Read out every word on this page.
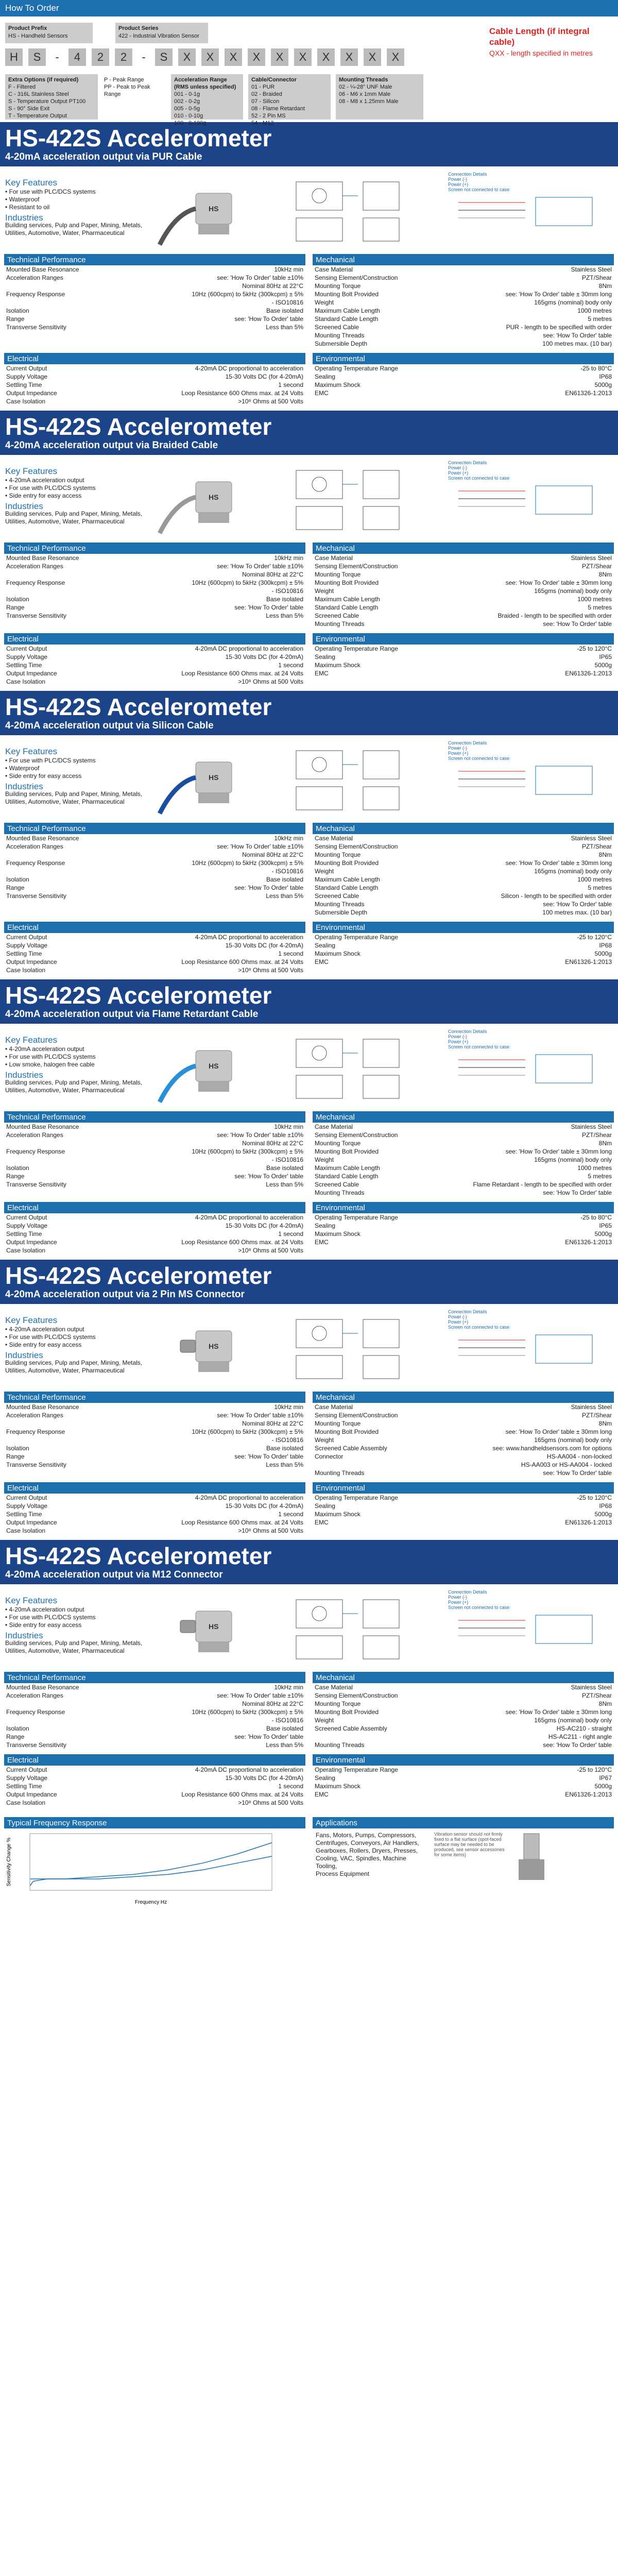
How To Order
Product Prefix
HS - Handheld Sensors
Product Series
422 - Industrial Vibration Sensor	Cable Length (if integral cable)
QXX - length specified in metres
H	S	-	4	2	2	-	S	X	X	X	X	X	X	X	X	X	X
Extra Options (if required)
F - Filtered
C - 316L Stainless Steel
S - Temperature Output PT100
S - 90° Side Exit
T - Temperature Output
P - Peak Range
PP - Peak to Peak Range
Acceleration Range
(RMS unless specified)
001 - 0-1g
002 - 0-2g
005 - 0-5g
010 - 0-10g
100 - 0-100g
Cable/Connector
01 - PUR
02 - Braided
07 - Silicon
08 - Flame Retardant
52 - 2 Pin MS
54 - M12
Mounting Threads
02 - ¼-28" UNF Male
06 - M6 x 1mm Male
08 - M8 x 1.25mm Male
HS-422S Accelerometer
4-20mA acceleration output via PUR Cable
Key Features
• For use with PLC/DCS systems
• Waterproof
• Resistant to oil
Industries
Building services, Pulp and Paper, Mining, Metals, Utilities, Automotive, Water, Pharmaceutical
HS
Connection Details
Power (-)
Power (+)
Screen not connected to case
Technical Performance
Mounted Base Resonance	10kHz min
Acceleration Ranges	see: 'How To Order' table ±10%
	Nominal 80Hz at 22°C
Frequency Response	10Hz (600cpm) to 5kHz (300kcpm) ± 5%
	- ISO10816
Isolation	Base isolated
Range	see: 'How To Order' table
Transverse Sensitivity	Less than 5%
Mechanical
Case Material	Stainless Steel
Sensing Element/Construction	PZT/Shear
Mounting Torque	8Nm
Mounting Bolt Provided	see: 'How To Order' table ± 30mm long
Weight	165gms (nominal) body only
Maximum Cable Length	1000 metres
Standard Cable Length	5 metres
Screened Cable	PUR - length to be specified with order
Mounting Threads	see: 'How To Order' table
Submersible Depth	100 metres max. (10 bar)
Electrical
Current Output	4-20mA DC proportional to acceleration
Supply Voltage	15-30 Volts DC (for 4-20mA)
Settling Time	1 second
Output Impedance	Loop Resistance 600 Ohms max. at 24 Volts
Case Isolation	>10⁸ Ohms at 500 Volts
Environmental
Operating Temperature Range	-25 to 80°C
Sealing	IP68
Maximum Shock	5000g
EMC	EN61326-1:2013
HS-422S Accelerometer
4-20mA acceleration output via Braided Cable
Key Features
• 4-20mA acceleration output
• For use with PLC/DCS systems
• Side entry for easy access
Industries
Building services, Pulp and Paper, Mining, Metals, Utilities, Automotive, Water, Pharmaceutical
HS
Connection Details
Power (-)
Power (+)
Screen not connected to case
Technical Performance
Mounted Base Resonance	10kHz min
Acceleration Ranges	see: 'How To Order' table ±10%
	Nominal 80Hz at 22°C
Frequency Response	10Hz (600cpm) to 5kHz (300kcpm) ± 5%
	- ISO10816
Isolation	Base isolated
Range	see: 'How To Order' table
Transverse Sensitivity	Less than 5%
Mechanical
Case Material	Stainless Steel
Sensing Element/Construction	PZT/Shear
Mounting Torque	8Nm
Mounting Bolt Provided	see: 'How To Order' table ± 30mm long
Weight	165gms (nominal) body only
Maximum Cable Length	1000 metres
Standard Cable Length	5 metres
Screened Cable	Braided - length to be specified with order
Mounting Threads	see: 'How To Order' table
Electrical
Current Output	4-20mA DC proportional to acceleration
Supply Voltage	15-30 Volts DC (for 4-20mA)
Settling Time	1 second
Output Impedance	Loop Resistance 600 Ohms max. at 24 Volts
Case Isolation	>10⁸ Ohms at 500 Volts
Environmental
Operating Temperature Range	-25 to 120°C
Sealing	IP65
Maximum Shock	5000g
EMC	EN61326-1:2013
HS-422S Accelerometer
4-20mA acceleration output via Silicon Cable
Key Features
• For use with PLC/DCS systems
• Waterproof
• Side entry for easy access
Industries
Building services, Pulp and Paper, Mining, Metals, Utilities, Automotive, Water, Pharmaceutical
HS
Connection Details
Power (-)
Power (+)
Screen not connected to case
Technical Performance
Mounted Base Resonance	10kHz min
Acceleration Ranges	see: 'How To Order' table ±10%
	Nominal 80Hz at 22°C
Frequency Response	10Hz (600cpm) to 5kHz (300kcpm) ± 5%
	- ISO10816
Isolation	Base isolated
Range	see: 'How To Order' table
Transverse Sensitivity	Less than 5%
Mechanical
Case Material	Stainless Steel
Sensing Element/Construction	PZT/Shear
Mounting Torque	8Nm
Mounting Bolt Provided	see: 'How To Order' table ± 30mm long
Weight	165gms (nominal) body only
Maximum Cable Length	1000 metres
Standard Cable Length	5 metres
Screened Cable	Silicon - length to be specified with order
Mounting Threads	see: 'How To Order' table
Submersible Depth	100 metres max. (10 bar)
Electrical
Current Output	4-20mA DC proportional to acceleration
Supply Voltage	15-30 Volts DC (for 4-20mA)
Settling Time	1 second
Output Impedance	Loop Resistance 600 Ohms max. at 24 Volts
Case Isolation	>10⁸ Ohms at 500 Volts
Environmental
Operating Temperature Range	-25 to 120°C
Sealing	IP68
Maximum Shock	5000g
EMC	EN61326-1:2013
HS-422S Accelerometer
4-20mA acceleration output via Flame Retardant Cable
Key Features
• 4-20mA acceleration output
• For use with PLC/DCS systems
• Low smoke, halogen free cable
Industries
Building services, Pulp and Paper, Mining, Metals, Utilities, Automotive, Water, Pharmaceutical
HS
Connection Details
Power (-)
Power (+)
Screen not connected to case
Technical Performance
Mounted Base Resonance	10kHz min
Acceleration Ranges	see: 'How To Order' table ±10%
	Nominal 80Hz at 22°C
Frequency Response	10Hz (600cpm) to 5kHz (300kcpm) ± 5%
	- ISO10816
Isolation	Base isolated
Range	see: 'How To Order' table
Transverse Sensitivity	Less than 5%
Mechanical
Case Material	Stainless Steel
Sensing Element/Construction	PZT/Shear
Mounting Torque	8Nm
Mounting Bolt Provided	see: 'How To Order' table ± 30mm long
Weight	165gms (nominal) body only
Maximum Cable Length	1000 metres
Standard Cable Length	5 metres
Screened Cable	Flame Retardant - length to be specified with order
Mounting Threads	see: 'How To Order' table
Electrical
Current Output	4-20mA DC proportional to acceleration
Supply Voltage	15-30 Volts DC (for 4-20mA)
Settling Time	1 second
Output Impedance	Loop Resistance 600 Ohms max. at 24 Volts
Case Isolation	>10⁸ Ohms at 500 Volts
Environmental
Operating Temperature Range	-25 to 80°C
Sealing	IP65
Maximum Shock	5000g
EMC	EN61326-1:2013
HS-422S Accelerometer
4-20mA acceleration output via 2 Pin MS Connector
Key Features
• 4-20mA acceleration output
• For use with PLC/DCS systems
• Side entry for easy access
Industries
Building services, Pulp and Paper, Mining, Metals, Utilities, Automotive, Water, Pharmaceutical
HS
Connection Details
Power (-)
Power (+)
Screen not connected to case
Technical Performance
Mounted Base Resonance	10kHz min
Acceleration Ranges	see: 'How To Order' table ±10%
	Nominal 80Hz at 22°C
Frequency Response	10Hz (600cpm) to 5kHz (300kcpm) ± 5%
	- ISO10816
Isolation	Base isolated
Range	see: 'How To Order' table
Transverse Sensitivity	Less than 5%
Mechanical
Case Material	Stainless Steel
Sensing Element/Construction	PZT/Shear
Mounting Torque	8Nm
Mounting Bolt Provided	see: 'How To Order' table ± 30mm long
Weight	165gms (nominal) body only
Screened Cable Assembly	see: www.handheldsensors.com for options
Connector	HS-AA004 - non-locked
	HS-AA003 or HS-AA004 - locked
Mounting Threads	see: 'How To Order' table
Electrical
Current Output	4-20mA DC proportional to acceleration
Supply Voltage	15-30 Volts DC (for 4-20mA)
Settling Time	1 second
Output Impedance	Loop Resistance 600 Ohms max. at 24 Volts
Case Isolation	>10⁸ Ohms at 500 Volts
Environmental
Operating Temperature Range	-25 to 120°C
Sealing	IP68
Maximum Shock	5000g
EMC	EN61326-1:2013
HS-422S Accelerometer
4-20mA acceleration output via M12 Connector
Key Features
• 4-20mA acceleration output
• For use with PLC/DCS systems
• Side entry for easy access
Industries
Building services, Pulp and Paper, Mining, Metals, Utilities, Automotive, Water, Pharmaceutical
HS
Connection Details
Power (-)
Power (+)
Screen not connected to case
Technical Performance
Mounted Base Resonance	10kHz min
Acceleration Ranges	see: 'How To Order' table ±10%
	Nominal 80Hz at 22°C
Frequency Response	10Hz (600cpm) to 5kHz (300kcpm) ± 5%
	- ISO10816
Isolation	Base isolated
Range	see: 'How To Order' table
Transverse Sensitivity	Less than 5%
Mechanical
Case Material	Stainless Steel
Sensing Element/Construction	PZT/Shear
Mounting Torque	8Nm
Mounting Bolt Provided	see: 'How To Order' table ± 30mm long
Weight	165gms (nominal) body only
Screened Cable Assembly	HS-AC210 - straight
	HS-AC211 - right angle
Mounting Threads	see: 'How To Order' table
Electrical
Current Output	4-20mA DC proportional to acceleration
Supply Voltage	15-30 Volts DC (for 4-20mA)
Settling Time	1 second
Output Impedance	Loop Resistance 600 Ohms max. at 24 Volts
Case Isolation	>10⁸ Ohms at 500 Volts
Environmental
Operating Temperature Range	-25 to 120°C
Sealing	IP67
Maximum Shock	5000g
EMC	EN61326-1:2013
Typical Frequency Response
Frequency Hz
Sensitivity Change %
Applications
Fans, Motors, Pumps, Compressors,
Centrifuges, Conveyors, Air Handlers,
Gearboxes, Rollers, Dryers, Presses,
Cooling, VAC, Spindles, Machine Tooling,
Process Equipment
Vibration sensor should not firmly fixed to a flat surface (spot-faced surface may be needed to be produced, see sensor accessories for some items)
